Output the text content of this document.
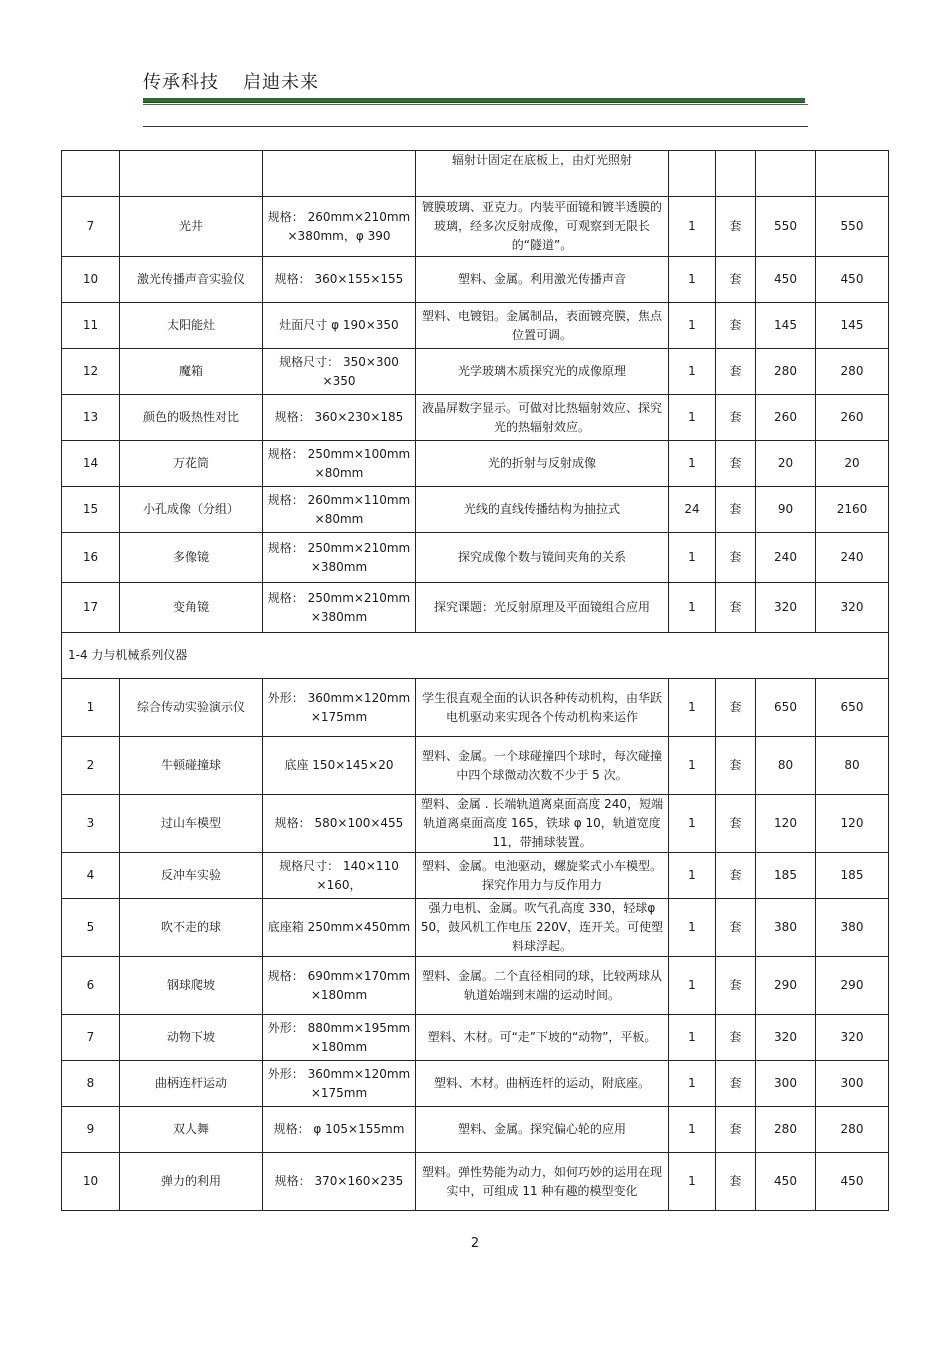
传承科技 启迪未来
			辐射计固定在底板上，由灯光照射				
7	光井	规格： 260mm×210mm ×380mm，φ 390	镀膜玻璃、亚克力。内装平面镜和镀半透膜的玻璃，经多次反射成像，可观察到无限长的“隧道”。	1	套	550	550
10	激光传播声音实验仪	规格： 360×155×155	塑料、金属。利用激光传播声音	1	套	450	450
11	太阳能灶	灶面尺寸 φ 190×350	塑料、电镀铝。金属制品，表面镀亮膜，焦点位置可调。	1	套	145	145
12	魔箱	规格尺寸： 350×300 ×350	光学玻璃木质探究光的成像原理	1	套	280	280
13	颜色的吸热性对比	规格： 360×230×185	液晶屏数字显示。可做对比热辐射效应、探究光的热辐射效应。	1	套	260	260
14	万花筒	规格： 250mm×100mm ×80mm	光的折射与反射成像	1	套	20	20
15	小孔成像（分组）	规格： 260mm×110mm ×80mm	光线的直线传播结构为抽拉式	24	套	90	2160
16	多像镜	规格： 250mm×210mm ×380mm	探究成像个数与镜间夹角的关系	1	套	240	240
17	变角镜	规格： 250mm×210mm ×380mm	探究课题：光反射原理及平面镜组合应用	1	套	320	320
1-4 力与机械系列仪器							
1	综合传动实验演示仪	外形： 360mm×120mm ×175mm	学生很直观全面的认识各种传动机构，由华跃电机驱动来实现各个传动机构来运作	1	套	650	650
2	牛顿碰撞球	底座 150×145×20	塑料、金属。一个球碰撞四个球时，每次碰撞中四个球微动次数不少于 5 次。	1	套	80	80
3	过山车模型	规格： 580×100×455	塑料、金属 . 长端轨道离桌面高度 240，短端轨道离桌面高度 165，铁球 φ 10，轨道宽度 11，带捕球装置。	1	套	120	120
4	反冲车实验	规格尺寸： 140×110 ×160，	塑料、金属。电池驱动，螺旋桨式小车模型。探究作用力与反作用力	1	套	185	185
5	吹不走的球	底座箱 250mm×450mm	强力电机、金属。吹气孔高度 330，轻球φ 50，鼓风机工作电压 220V，连开关。可使塑料球浮起。	1	套	380	380
6	钢球爬坡	规格： 690mm×170mm ×180mm	塑料、金属。二个直径相同的球，比较两球从轨道始端到末端的运动时间。	1	套	290	290
7	动物下坡	外形： 880mm×195mm ×180mm	塑料、木材。可“走”下坡的“动物”，平板。	1	套	320	320
8	曲柄连杆运动	外形： 360mm×120mm ×175mm	塑料、木材。曲柄连杆的运动，附底座。	1	套	300	300
9	双人舞	规格： φ 105×155mm	塑料、金属。探究偏心轮的应用	1	套	280	280
10	弹力的利用	规格： 370×160×235	塑料。弹性势能为动力，如何巧妙的运用在现实中，可组成 11 种有趣的模型变化	1	套	450	450
2
